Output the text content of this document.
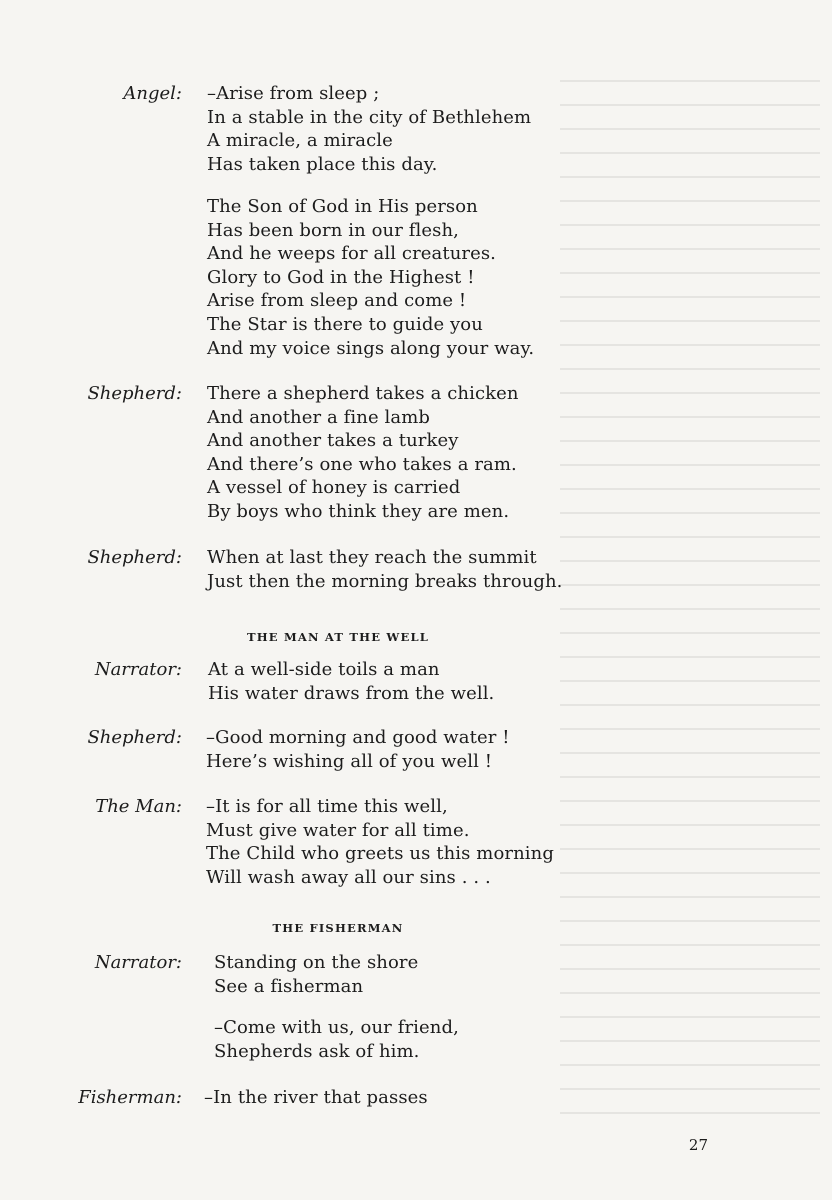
Angel: –Arise from sleep ;
In a stable in the city of Bethlehem
A miracle, a miracle
Has taken place this day.
The Son of God in His person
Has been born in our flesh,
And he weeps for all creatures.
Glory to God in the Highest !
Arise from sleep and come !
The Star is there to guide you
And my voice sings along your way.
Shepherd: There a shepherd takes a chicken
And another a fine lamb
And another takes a turkey
And there’s one who takes a ram.
A vessel of honey is carried
By boys who think they are men.
Shepherd: When at last they reach the summit
Just then the morning breaks through.
THE MAN AT THE WELL
Narrator: At a well-side toils a man
His water draws from the well.
Shepherd: –Good morning and good water !
Here’s wishing all of you well !
The Man: –It is for all time this well,
Must give water for all time.
The Child who greets us this morning
Will wash away all our sins . . .
THE FISHERMAN
Narrator: Standing on the shore
See a fisherman
–Come with us, our friend,
Shepherds ask of him.
Fisherman: –In the river that passes
27
